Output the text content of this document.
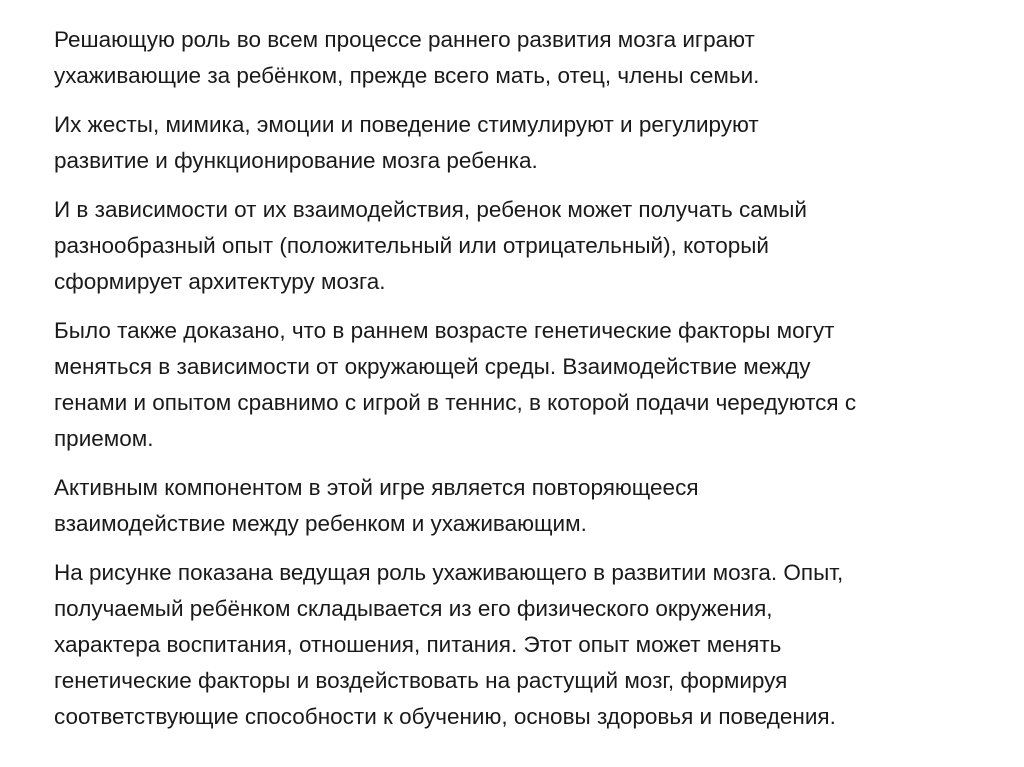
Решающую роль во всем процессе раннего развития мозга играют
ухаживающие за ребёнком, прежде всего мать, отец, члены семьи.

Их жесты, мимика, эмоции и поведение стимулируют и регулируют
развитие и функционирование мозга ребенка.

И в зависимости от их взаимодействия, ребенок может получать самый
разнообразный опыт (положительный или отрицательный), который
сформирует архитектуру мозга.

Было также доказано, что в раннем возрасте генетические факторы могут
меняться в зависимости от окружающей среды. Взаимодействие между
генами и опытом сравнимо с игрой в теннис, в которой подачи чередуются с
приемом.

Активным компонентом в этой игре является повторяющееся
взаимодействие между ребенком и ухаживающим.

На рисунке показана ведущая роль ухаживающего в развитии мозга. Опыт,
получаемый ребёнком складывается из его физического окружения,
характера воспитания, отношения, питания. Этот опыт может менять
генетические факторы и воздействовать на растущий мозг, формируя
соответствующие способности к обучению, основы здоровья и поведения.
